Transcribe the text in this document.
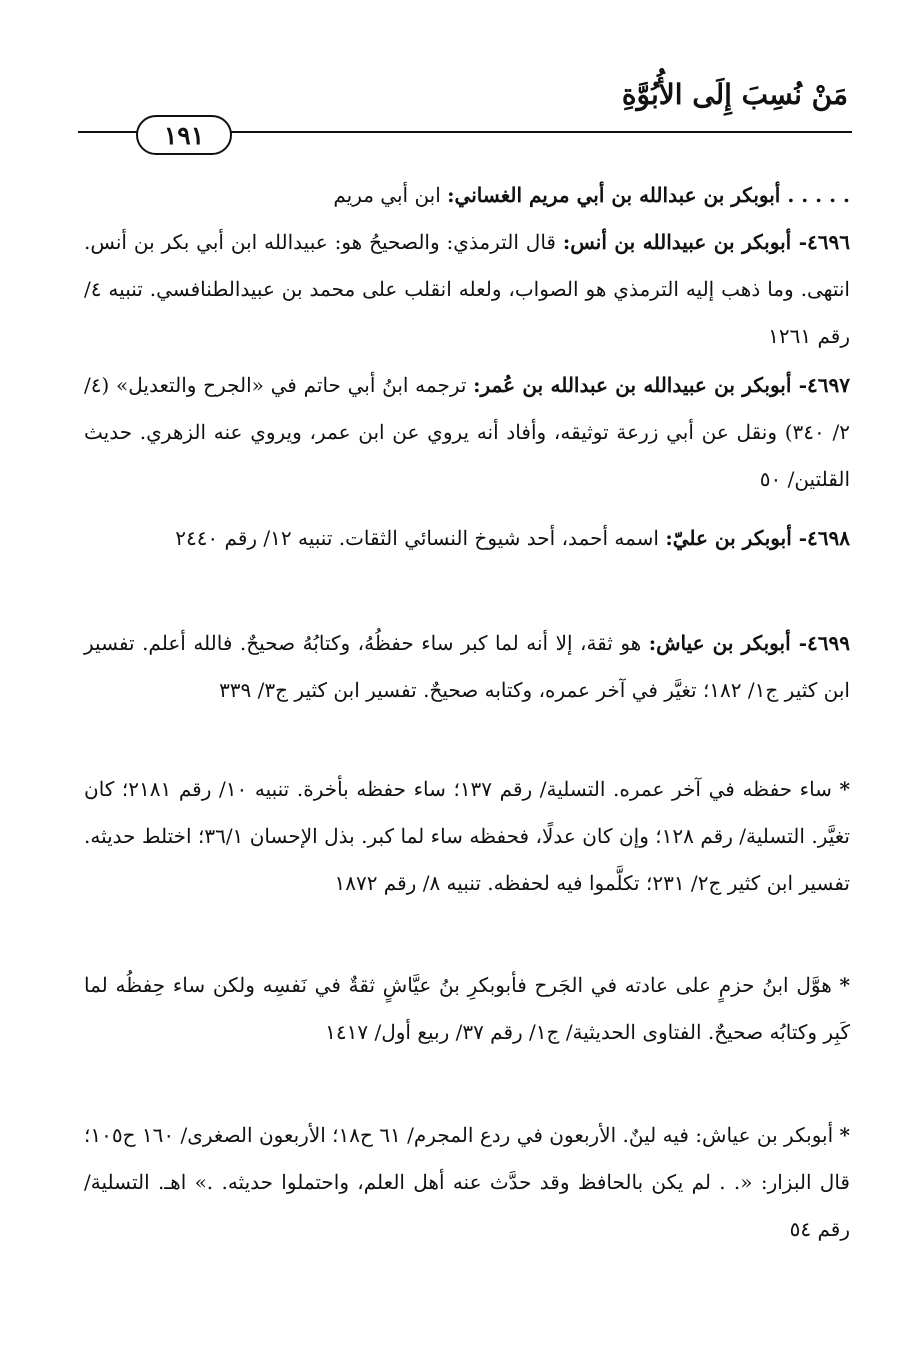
مَنْ نُسِبَ إِلَى الأُبُوَّةِ
١٩١

. . . . . أبوبكر بن عبدالله بن أبي مريم الغساني: ابن أبي مريم

٤٦٩٦- أبوبكر بن عبيدالله بن أنس: قال الترمذي: والصحيحُ هو: عبيدالله ابن أبي بكر بن أنس. انتهى. وما ذهب إليه الترمذي هو الصواب، ولعله انقلب على محمد بن عبيدالطنافسي. تنبيه ٤/ رقم ١٢٦١

٤٦٩٧- أبوبكر بن عبيدالله بن عبدالله بن عُمر: ترجمه ابنُ أبي حاتم في «الجرح والتعديل» (٤/ ٢/ ٣٤٠) ونقل عن أبي زرعة توثيقه، وأفاد أنه يروي عن ابن عمر، ويروي عنه الزهري. حديث القلتين/ ٥٠

٤٦٩٨- أبوبكر بن عليّ: اسمه أحمد، أحد شيوخ النسائي الثقات. تنبيه ١٢/ رقم ٢٤٤٠

٤٦٩٩- أبوبكر بن عياش: هو ثقة، إلا أنه لما كبر ساء حفظُهُ، وكتابُهُ صحيحٌ. فالله أعلم. تفسير ابن كثير ج١/ ١٨٢؛ تغيَّر في آخر عمره، وكتابه صحيحٌ. تفسير ابن كثير ج٣/ ٣٣٩

* ساء حفظه في آخر عمره. التسلية/ رقم ١٣٧؛ ساء حفظه بأخرة. تنبيه ١٠/ رقم ٢١٨١؛ كان تغيَّر. التسلية/ رقم ١٢٨؛ وإن كان عدلًا، فحفظه ساء لما كبر. بذل الإحسان ٣٦/١؛ اختلط حديثه. تفسير ابن كثير ج٢/ ٢٣١؛ تكلَّموا فيه لحفظه. تنبيه ٨/ رقم ١٨٧٢

* هوَّل ابنُ حزمٍ على عادته في الجَرح فأبوبكرِ بنُ عيَّاشٍ ثقةٌ في نَفسِه ولكن ساء حِفظُه لما كَبِر وكتابُه صحيحٌ. الفتاوى الحديثية/ ج١/ رقم ٣٧/ ربيع أول/ ١٤١٧

* أبوبكر بن عياش: فيه لينٌ. الأربعون في ردع المجرم/ ٦١ ح١٨؛ الأربعون الصغرى/ ١٦٠ ح١٠٥؛ قال البزار: «. . لم يكن بالحافظ وقد حدَّث عنه أهل العلم، واحتملوا حديثه. .» اهـ. التسلية/ رقم ٥٤
